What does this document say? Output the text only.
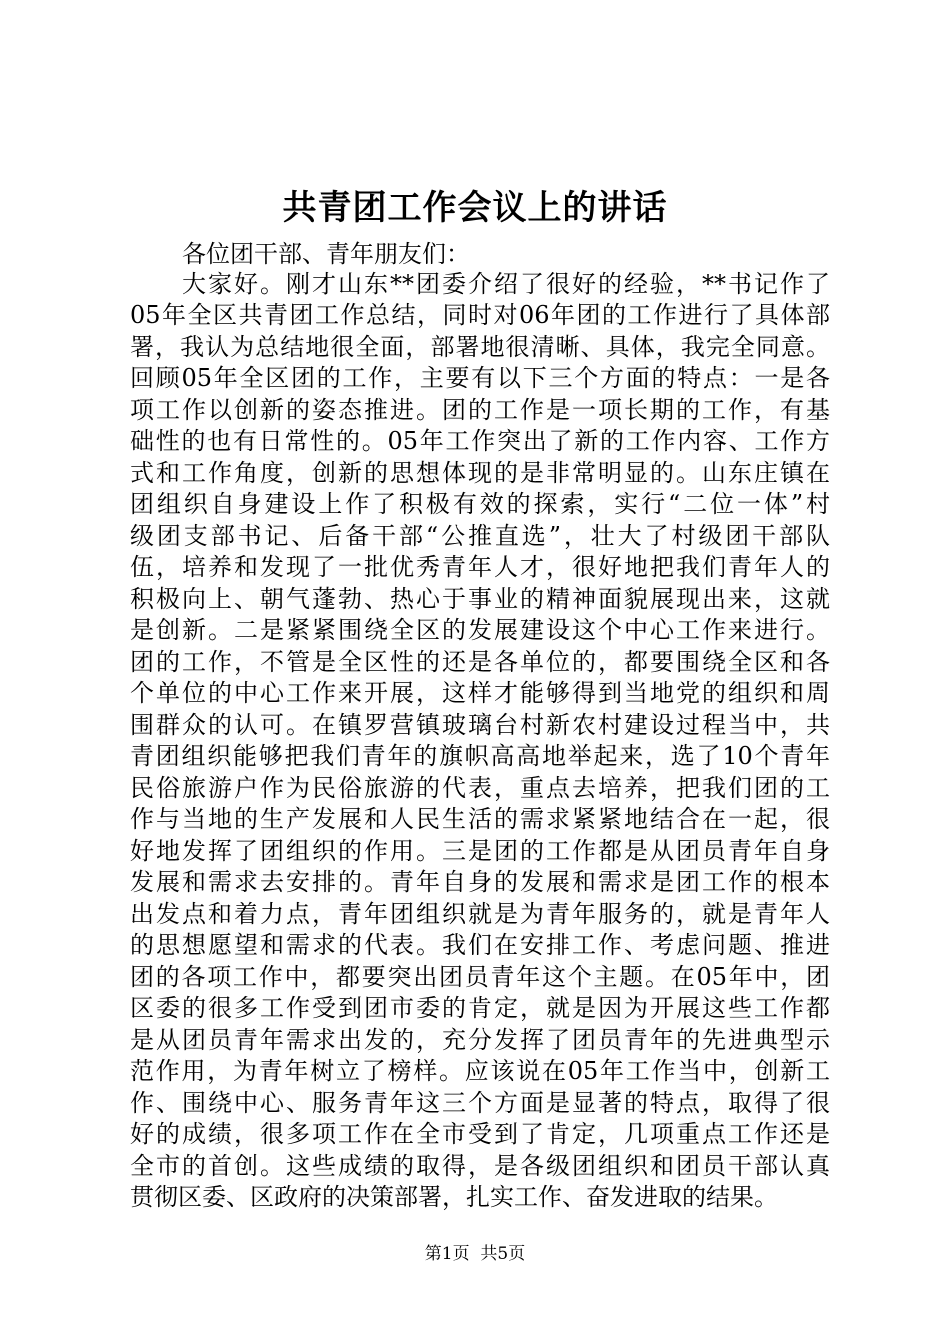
共青团工作会议上的讲话
各位团干部、青年朋友们：
大家好。刚才山东**团委介绍了很好的经验，**书记作了
05年全区共青团工作总结，同时对06年团的工作进行了具体部
署，我认为总结地很全面，部署地很清晰、具体，我完全同意。
回顾05年全区团的工作，主要有以下三个方面的特点：一是各
项工作以创新的姿态推进。团的工作是一项长期的工作，有基
础性的也有日常性的。05年工作突出了新的工作内容、工作方
式和工作角度，创新的思想体现的是非常明显的。山东庄镇在
团组织自身建设上作了积极有效的探索，实行“二位一体”村
级团支部书记、后备干部“公推直选”，壮大了村级团干部队
伍，培养和发现了一批优秀青年人才，很好地把我们青年人的
积极向上、朝气蓬勃、热心于事业的精神面貌展现出来，这就
是创新。二是紧紧围绕全区的发展建设这个中心工作来进行。
团的工作，不管是全区性的还是各单位的，都要围绕全区和各
个单位的中心工作来开展，这样才能够得到当地党的组织和周
围群众的认可。在镇罗营镇玻璃台村新农村建设过程当中，共
青团组织能够把我们青年的旗帜高高地举起来，选了10个青年
民俗旅游户作为民俗旅游的代表，重点去培养，把我们团的工
作与当地的生产发展和人民生活的需求紧紧地结合在一起，很
好地发挥了团组织的作用。三是团的工作都是从团员青年自身
发展和需求去安排的。青年自身的发展和需求是团工作的根本
出发点和着力点，青年团组织就是为青年服务的，就是青年人
的思想愿望和需求的代表。我们在安排工作、考虑问题、推进
团的各项工作中，都要突出团员青年这个主题。在05年中，团
区委的很多工作受到团市委的肯定，就是因为开展这些工作都
是从团员青年需求出发的，充分发挥了团员青年的先进典型示
范作用，为青年树立了榜样。应该说在05年工作当中，创新工
作、围绕中心、服务青年这三个方面是显著的特点，取得了很
好的成绩，很多项工作在全市受到了肯定，几项重点工作还是
全市的首创。这些成绩的取得，是各级团组织和团员干部认真
贯彻区委、区政府的决策部署，扎实工作、奋发进取的结果。
第1页  共5页
